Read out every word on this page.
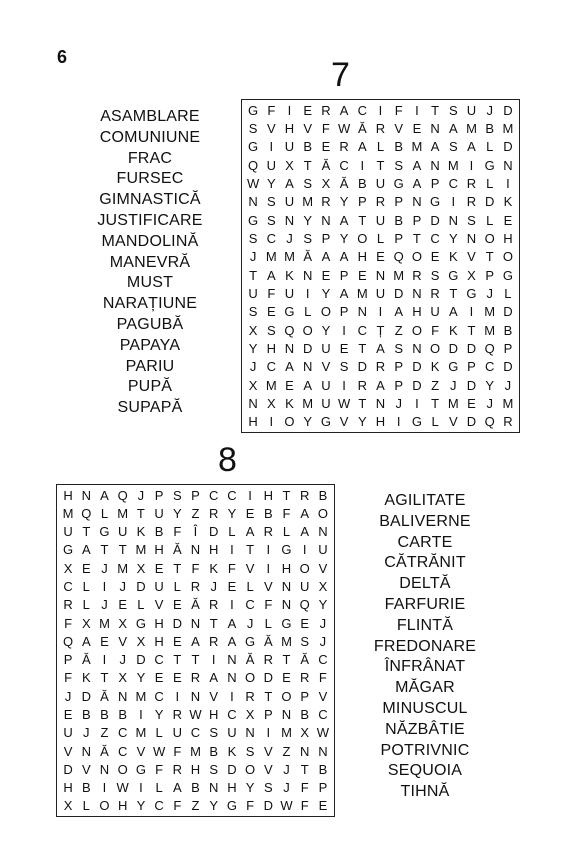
6	7
ASAMBLARE
COMUNIUNE
FRAC
FURSEC
GIMNASTICĂ
JUSTIFICARE
MANDOLINĂ
MANEVRĂ
MUST
NARAȚIUNE
PAGUBĂ
PAPAYA
PARIU
PUPĂ
SUPAPĂ
G F I E R A C I F I T S U J D
S V H V F W Ă R V E N A M B M
G I U B E R A L B M A S A L D
Q U X T Ă C I T S A N M I G N
W Y A S X Ă B U G A P C R L I
N S U M R Y P R P N G I R D K
G S N Y N A T U B P D N S L E
S C J S P Y O L P T C Y N O H
J M M Ă A A H E Q O E K V T O
T A K N E P E N M R S G X P G
U F U I Y A M U D N R T G J L
S E G L O P N I A H U A I M D
X S Q O Y I C Ț Z O F K T M B
Y H N D U E T A S N O D D Q P
J C A N V S D R P D K G P C D
X M E A U I R A P D Z J D Y J
N X K M U W T N J	I T M E J M
H I O Y G V Y H I G L V D Q R
8
H N A Q J P S P C C I H T R B
M Q L M T U Y Z R Y E B F A O
U T G U K B F Î D L A R L A N
G A T T M H Ă N H I T I G I U
X E J M X E T F K F V I H O V
C L I	J D U L R J E L V N U X
R L J E L V E Ă R I C F N Q Y
F X M X G H D N T A J L G E J
Q A E V X H E A R A G Ă M S J
P Ă I	J D C T T I N Ă R T Ă C
F K T X Y E E R A N O D E R F
J D Ă N M C I N V I R T O P V
E B B B I Y R W H C X P N B C
U J Z C M L U C S U N I M X W
V N Ă C V W F M B K S V Z N N
D V N O G F R H S D O V J T B
H B I W I L A B N H Y S J F P
X L O H Y C F Z Y G F D W F E
AGILITATE
BALIVERNE
CARTE
CĂTRĂNIT
DELTĂ
FARFURIE
FLINTĂ
FREDONARE
ÎNFRÂNAT
MĂGAR
MINUSCUL
NĂZBÂTIE
POTRIVNIC
SEQUOIA
TIHNĂ
